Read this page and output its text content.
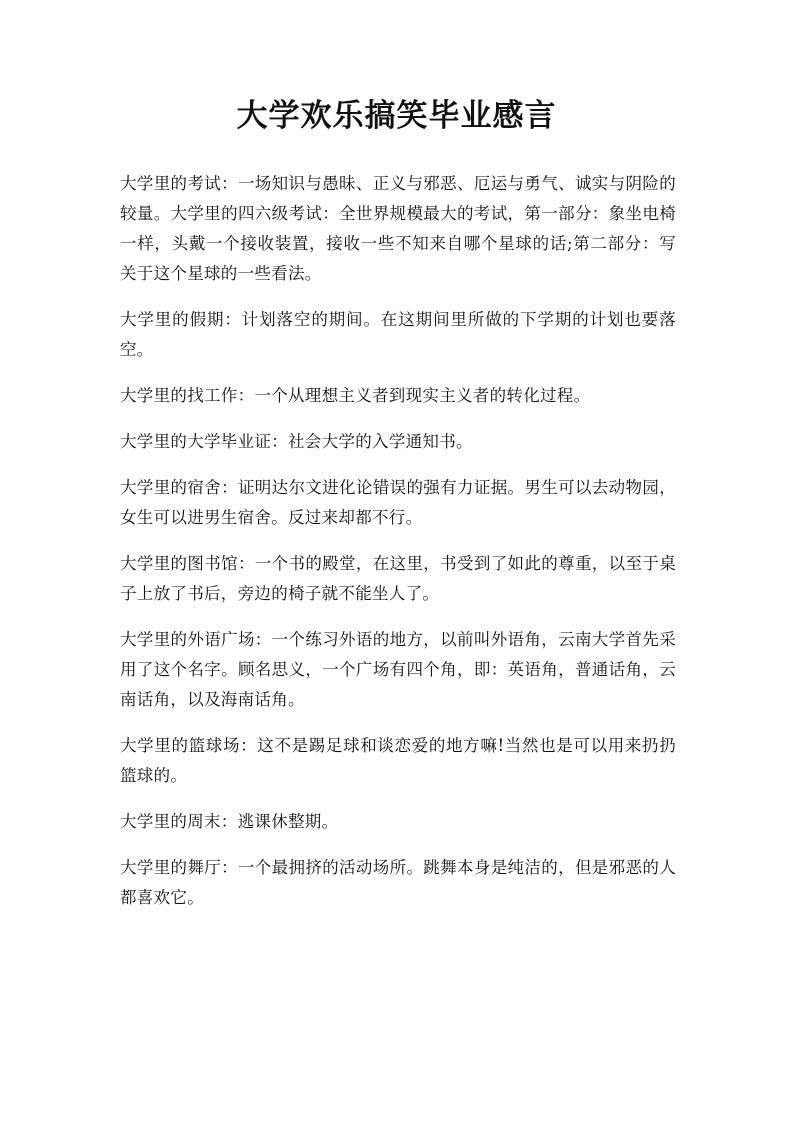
大学欢乐搞笑毕业感言

大学里的考试：一场知识与愚昧、正义与邪恶、厄运与勇气、诚实与阴险的较量。大学里的四六级考试：全世界规模最大的考试，第一部分：象坐电椅一样，头戴一个接收装置，接收一些不知来自哪个星球的话;第二部分：写关于这个星球的一些看法。

大学里的假期：计划落空的期间。在这期间里所做的下学期的计划也要落空。

大学里的找工作：一个从理想主义者到现实主义者的转化过程。

大学里的大学毕业证：社会大学的入学通知书。

大学里的宿舍：证明达尔文进化论错误的强有力证据。男生可以去动物园， 女生可以进男生宿舍。反过来却都不行。

大学里的图书馆：一个书的殿堂，在这里，书受到了如此的尊重，以至于桌子上放了书后，旁边的椅子就不能坐人了。

大学里的外语广场：一个练习外语的地方，以前叫外语角，云南大学首先采用了这个名字。顾名思义，一个广场有四个角，即：英语角，普通话角，云南话角，以及海南话角。

大学里的篮球场：这不是踢足球和谈恋爱的地方嘛!当然也是可以用来扔扔篮球的。

大学里的周末：逃课休整期。

大学里的舞厅：一个最拥挤的活动场所。跳舞本身是纯洁的，但是邪恶的人都喜欢它。
